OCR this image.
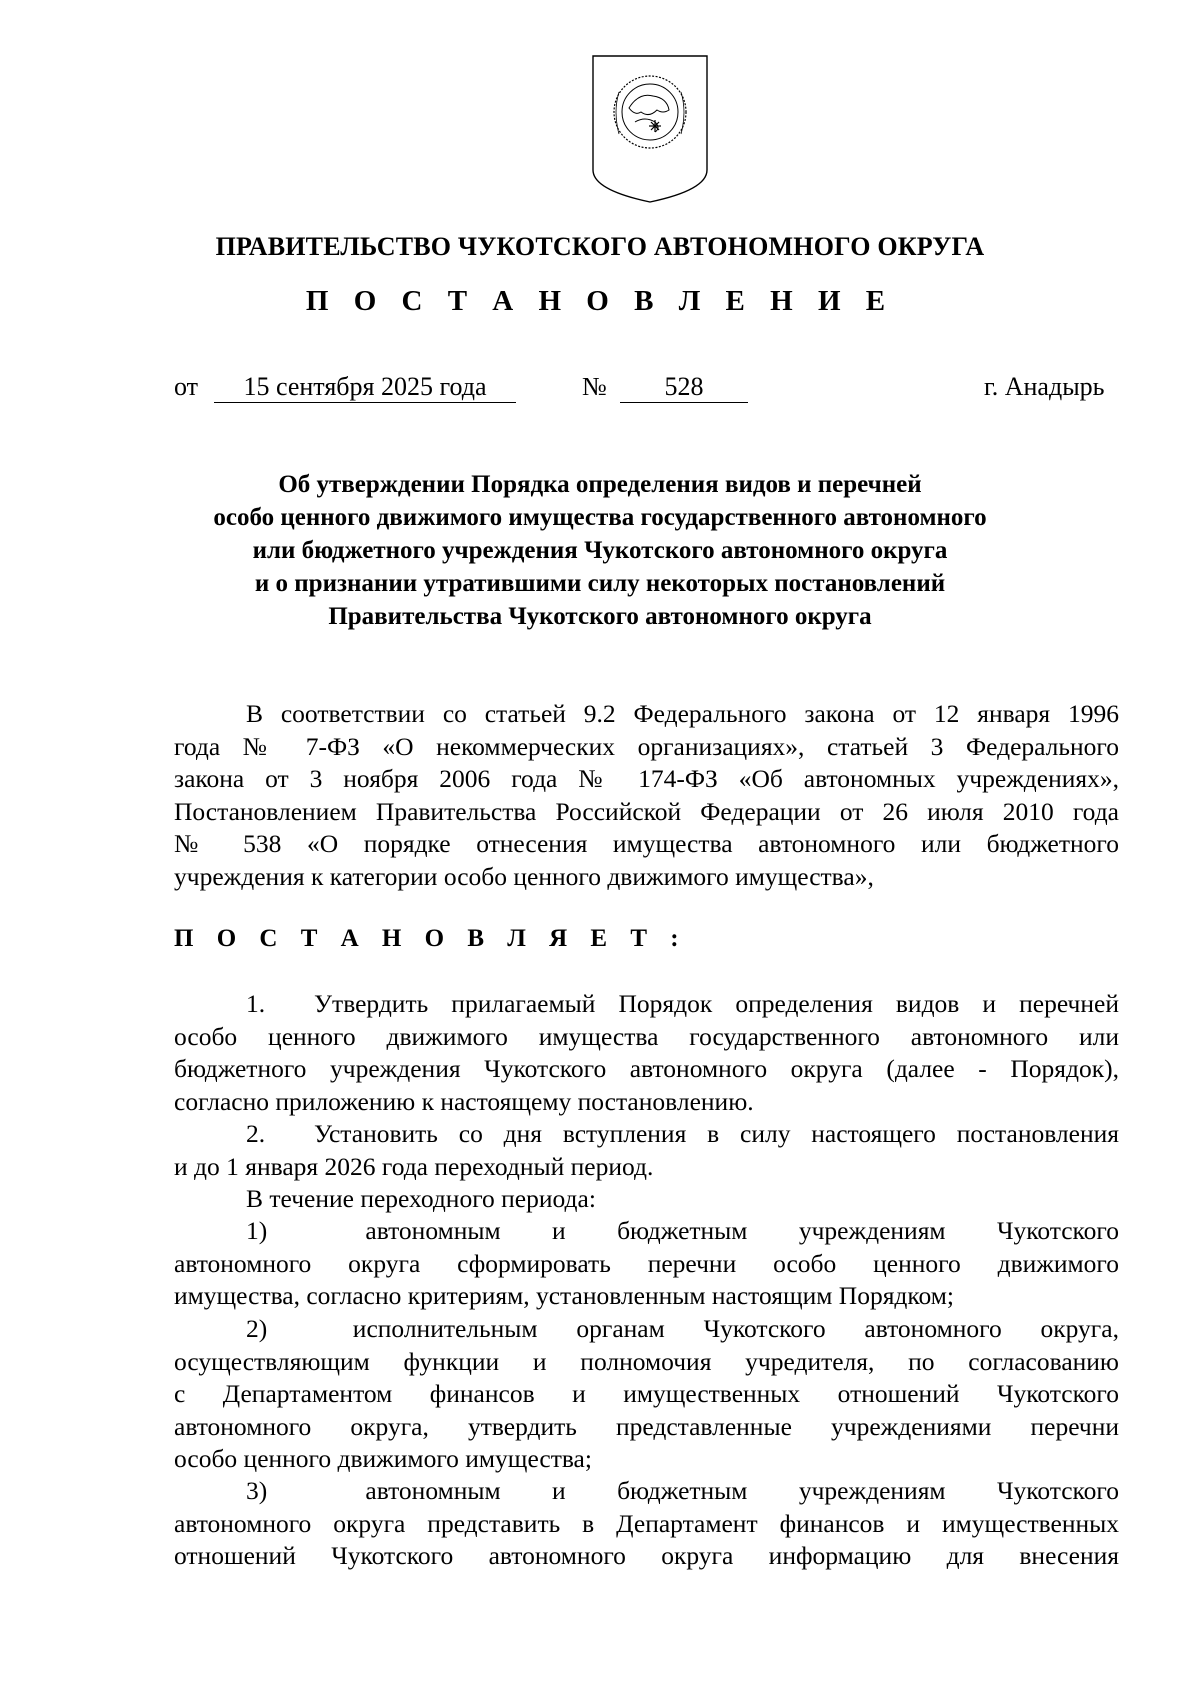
ПРАВИТЕЛЬСТВО ЧУКОТСКОГО АВТОНОМНОГО ОКРУГА
П О С Т А Н О В Л Е Н И Е
от	15 сентября 2025 года	№	528	г. Анадырь
Об утверждении Порядка определения видов и перечней
особо ценного движимого имущества государственного автономного
или бюджетного учреждения Чукотского автономного округа
и о признании утратившими силу некоторых постановлений
Правительства Чукотского автономного округа
В соответствии со статьей 9.2 Федерального закона от 12 января 1996
года № 7-ФЗ «О некоммерческих организациях», статьей 3 Федерального
закона от 3 ноября 2006 года № 174-ФЗ «Об автономных учреждениях»,
Постановлением Правительства Российской Федерации от 26 июля 2010 года
№ 538 «О порядке отнесения имущества автономного или бюджетного
учреждения к категории особо ценного движимого имущества»,
П О С Т А Н О В Л Я Е Т :
1.	Утвердить прилагаемый Порядок определения видов и перечней
особо ценного движимого имущества государственного автономного или
бюджетного учреждения Чукотского автономного округа (далее - Порядок),
согласно приложению к настоящему постановлению.
2.	Установить со дня вступления в силу настоящего постановления
и до 1 января 2026 года переходный период.
В течение переходного периода:
1)	автономным и бюджетным учреждениям Чукотского
автономного округа сформировать перечни особо ценного движимого
имущества, согласно критериям, установленным настоящим Порядком;
2)	исполнительным органам Чукотского автономного округа,
осуществляющим функции и полномочия учредителя, по согласованию
с Департаментом финансов и имущественных отношений Чукотского
автономного округа, утвердить представленные учреждениями перечни
особо ценного движимого имущества;
3)	автономным и бюджетным учреждениям Чукотского
автономного округа представить в Департамент финансов и имущественных
отношений Чукотского автономного округа информацию для внесения
